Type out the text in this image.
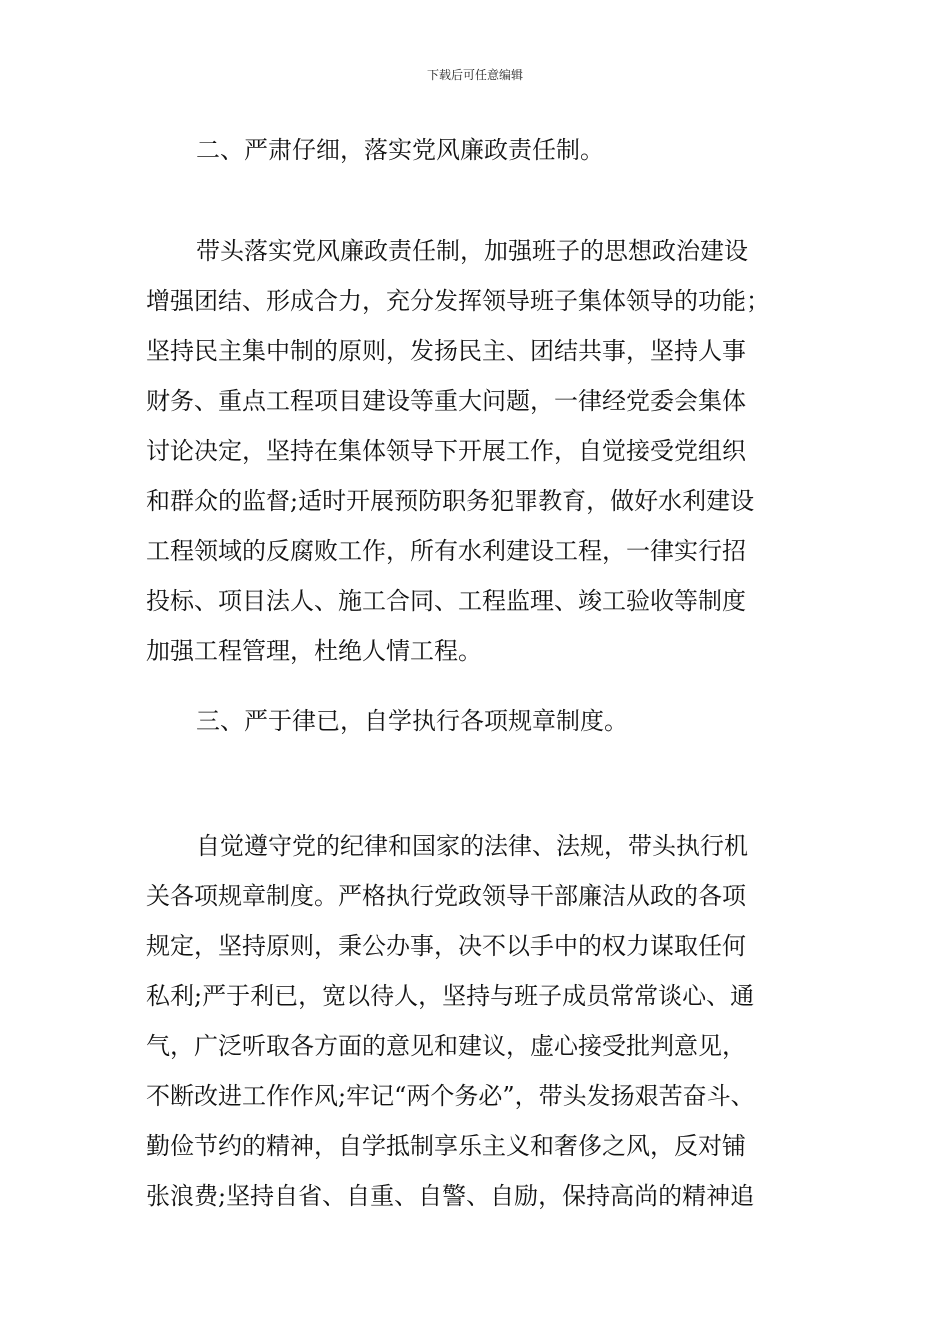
下载后可任意编辑
二、严肃仔细，落实党风廉政责任制。
带头落实党风廉政责任制，加强班子的思想政治建设
增强团结、形成合力，充分发挥领导班子集体领导的功能；
坚持民主集中制的原则，发扬民主、团结共事，坚持人事
财务、重点工程项目建设等重大问题，一律经党委会集体
讨论决定，坚持在集体领导下开展工作，自觉接受党组织
和群众的监督;适时开展预防职务犯罪教育，做好水利建设
工程领域的反腐败工作，所有水利建设工程，一律实行招
投标、项目法人、施工合同、工程监理、竣工验收等制度
加强工程管理，杜绝人情工程。
三、严于律已，自学执行各项规章制度。
自觉遵守党的纪律和国家的法律、法规，带头执行机
关各项规章制度。严格执行党政领导干部廉洁从政的各项
规定，坚持原则，秉公办事，决不以手中的权力谋取任何
私利;严于利已，宽以待人，坚持与班子成员常常谈心、通
气，广泛听取各方面的意见和建议，虚心接受批判意见，
不断改进工作作风;牢记“两个务必”，带头发扬艰苦奋斗、
勤俭节约的精神，自学抵制享乐主义和奢侈之风，反对铺
张浪费;坚持自省、自重、自警、自励，保持高尚的精神追
